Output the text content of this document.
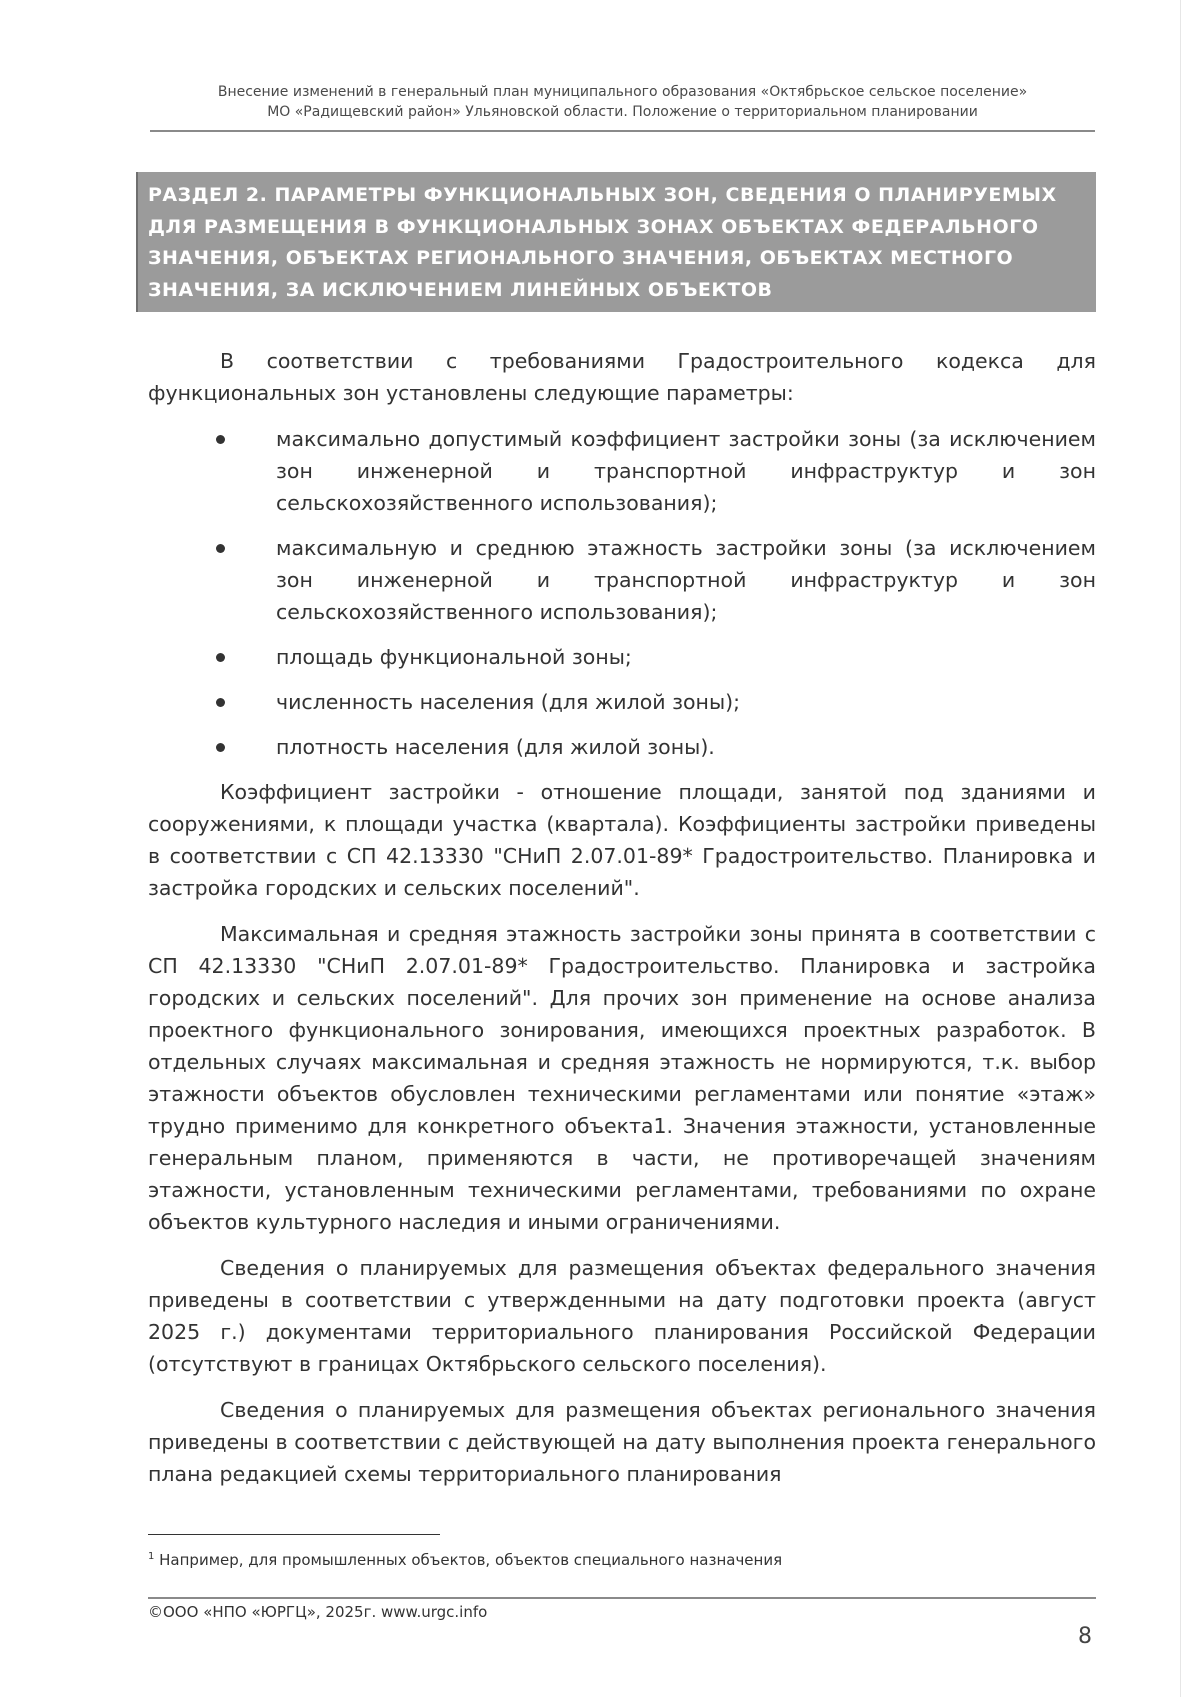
Внесение изменений в генеральный план муниципального образования «Октябрьское сельское поселение»
МО «Радищевский район» Ульяновской области. Положение о территориальном планировании

РАЗДЕЛ 2. ПАРАМЕТРЫ ФУНКЦИОНАЛЬНЫХ ЗОН, СВЕДЕНИЯ О ПЛАНИРУЕМЫХ ДЛЯ РАЗМЕЩЕНИЯ В ФУНКЦИОНАЛЬНЫХ ЗОНАХ ОБЪЕКТАХ ФЕДЕРАЛЬНОГО ЗНАЧЕНИЯ, ОБЪЕКТАХ РЕГИОНАЛЬНОГО ЗНАЧЕНИЯ, ОБЪЕКТАХ МЕСТНОГО ЗНАЧЕНИЯ, ЗА ИСКЛЮЧЕНИЕМ ЛИНЕЙНЫХ ОБЪЕКТОВ

В соответствии с требованиями Градостроительного кодекса для функциональных зон установлены следующие параметры:

максимально допустимый коэффициент застройки зоны (за исключением зон инженерной и транспортной инфраструктур и зон сельскохозяйственного использования);
максимальную и среднюю этажность застройки зоны (за исключением зон инженерной и транспортной инфраструктур и зон сельскохозяйственного использования);
площадь функциональной зоны;
численность населения (для жилой зоны);
плотность населения (для жилой зоны).

Коэффициент застройки - отношение площади, занятой под зданиями и сооружениями, к площади участка (квартала). Коэффициенты застройки приведены в соответствии с СП 42.13330 "СНиП 2.07.01-89* Градостроительство. Планировка и застройка городских и сельских поселений".

Максимальная и средняя этажность застройки зоны принята в соответствии с СП 42.13330 "СНиП 2.07.01-89* Градостроительство. Планировка и застройка городских и сельских поселений". Для прочих зон применение на основе анализа проектного функционального зонирования, имеющихся проектных разработок. В отдельных случаях максимальная и средняя этажность не нормируются, т.к. выбор этажности объектов обусловлен техническими регламентами или понятие «этаж» трудно применимо для конкретного объекта1. Значения этажности, установленные генеральным планом, применяются в части, не противоречащей значениям этажности, установленным техническими регламентами, требованиями по охране объектов культурного наследия и иными ограничениями.

Сведения о планируемых для размещения объектах федерального значения приведены в соответствии с утвержденными на дату подготовки проекта (август 2025 г.) документами территориального планирования Российской Федерации (отсутствуют в границах Октябрьского сельского поселения).

Сведения о планируемых для размещения объектах регионального значения приведены в соответствии с действующей на дату выполнения проекта генерального плана редакцией схемы территориального планирования

$^1$ Например, для промышленных объектов, объектов специального назначения
©ООО «НПО «ЮРГЦ», 2025г. www.urgc.info
8
